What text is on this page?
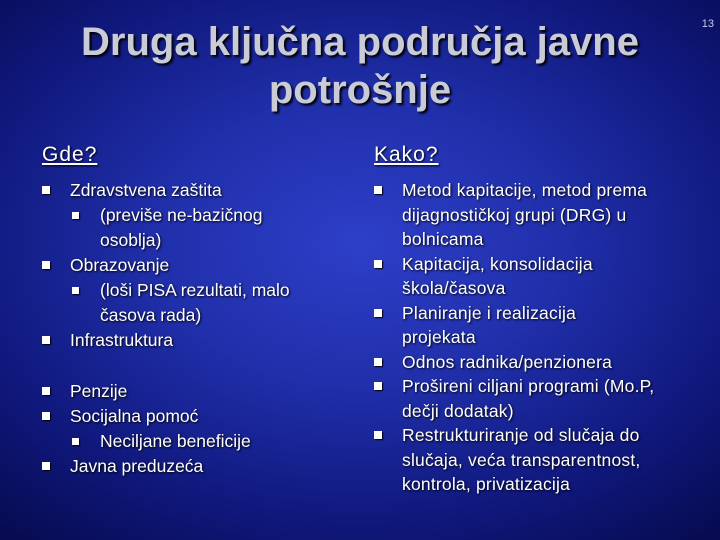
13
Druga ključna područja javne
potrošnje
Gde?
Zdravstvena zaštita
(previše ne-bazičnog
osoblja)
Obrazovanje
(loši PISA rezultati, malo
časova rada)
Infrastruktura
Penzije
Socijalna pomoć
Neciljane beneficije
Javna preduzeća
Kako?
Metod kapitacije, metod prema
dijagnostičkoj grupi (DRG) u
bolnicama
Kapitacija, konsolidacija
škola/časova
Planiranje i realizacija
projekata
Odnos radnika/penzionera
Prošireni ciljani programi (Mo.P,
dečji dodatak)
Restrukturiranje od slučaja do
slučaja, veća transparentnost,
kontrola, privatizacija
